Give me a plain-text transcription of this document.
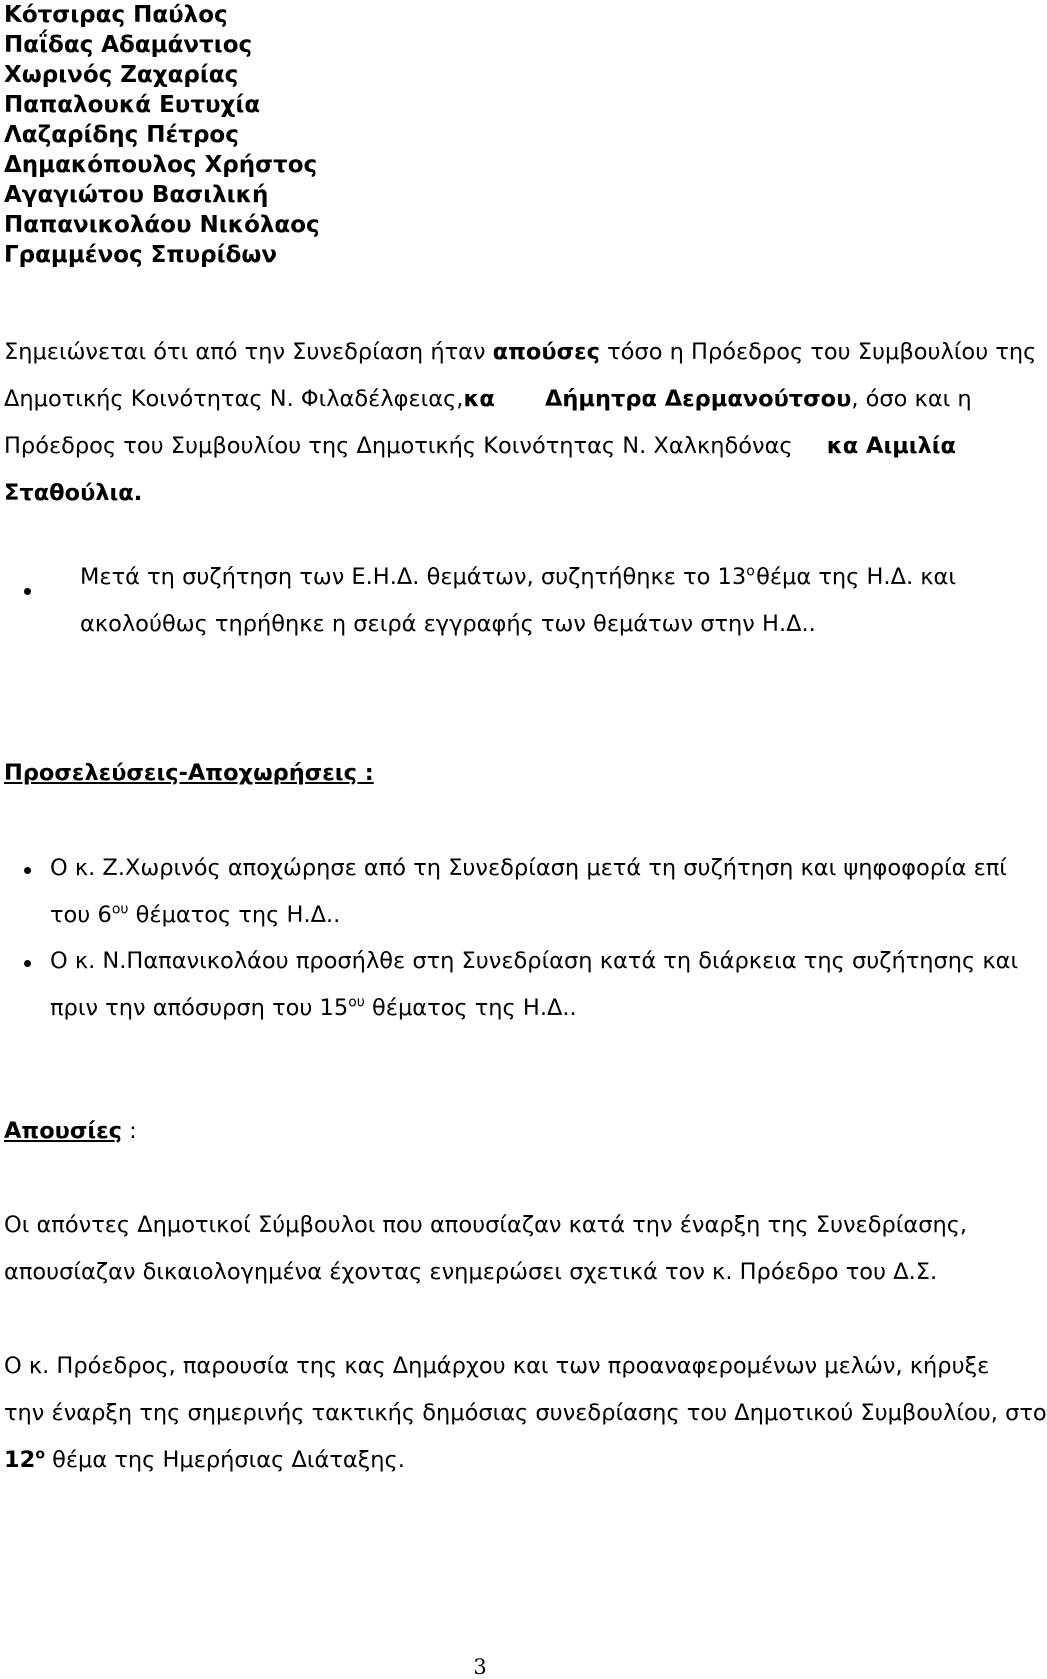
Κότσιρας Παύλος
Παΐδας Αδαμάντιος
Χωρινός Ζαχαρίας
Παπαλουκά Ευτυχία
Λαζαρίδης Πέτρος
Δημακόπουλος Χρήστος
Αγαγιώτου Βασιλική
Παπανικολάου Νικόλαος
Γραμμένος Σπυρίδων
Σημειώνεται ότι από την Συνεδρίαση ήταν απούσες τόσο η Πρόεδρος του Συμβουλίου της
Δημοτικής Κοινότητας Ν. Φιλαδέλφειας, κα Δήμητρα Δερμανούτσου, όσο και η
Πρόεδρος του Συμβουλίου της Δημοτικής Κοινότητας Ν. Χαλκηδόνας κα Αιμιλία
Σταθούλια.
Μετά τη συζήτηση των Ε.Η.Δ. θεμάτων, συζητήθηκε το $13^o$ θέμα της Η.Δ. και
ακολούθως τηρήθηκε η σειρά εγγραφής των θεμάτων στην Η.Δ..
Προσελεύσεις-Αποχωρήσεις :
Ο κ. Ζ.Χωρινός αποχώρησε από τη Συνεδρίαση μετά τη συζήτηση και ψηφοφορία επί
του $6^{o\upsilon}$ θέματος της Η.Δ..
Ο κ. Ν.Παπανικολάου προσήλθε στη Συνεδρίαση κατά τη διάρκεια της συζήτησης και
πριν την απόσυρση του $15^{o\upsilon}$ θέματος της Η.Δ..
Απουσίες :
Οι απόντες Δημοτικοί Σύμβουλοι που απουσίαζαν κατά την έναρξη της Συνεδρίασης,
απουσίαζαν δικαιολογημένα έχοντας ενημερώσει σχετικά τον κ. Πρόεδρο του Δ.Σ.
Ο κ. Πρόεδρος, παρουσία της κας Δημάρχου και των προαναφερομένων μελών, κήρυξε
την έναρξη της σημερινής τακτικής δημόσιας συνεδρίασης του Δημοτικού Συμβουλίου, στο
$12^o$ θέμα της Ημερήσιας Διάταξης.
3
